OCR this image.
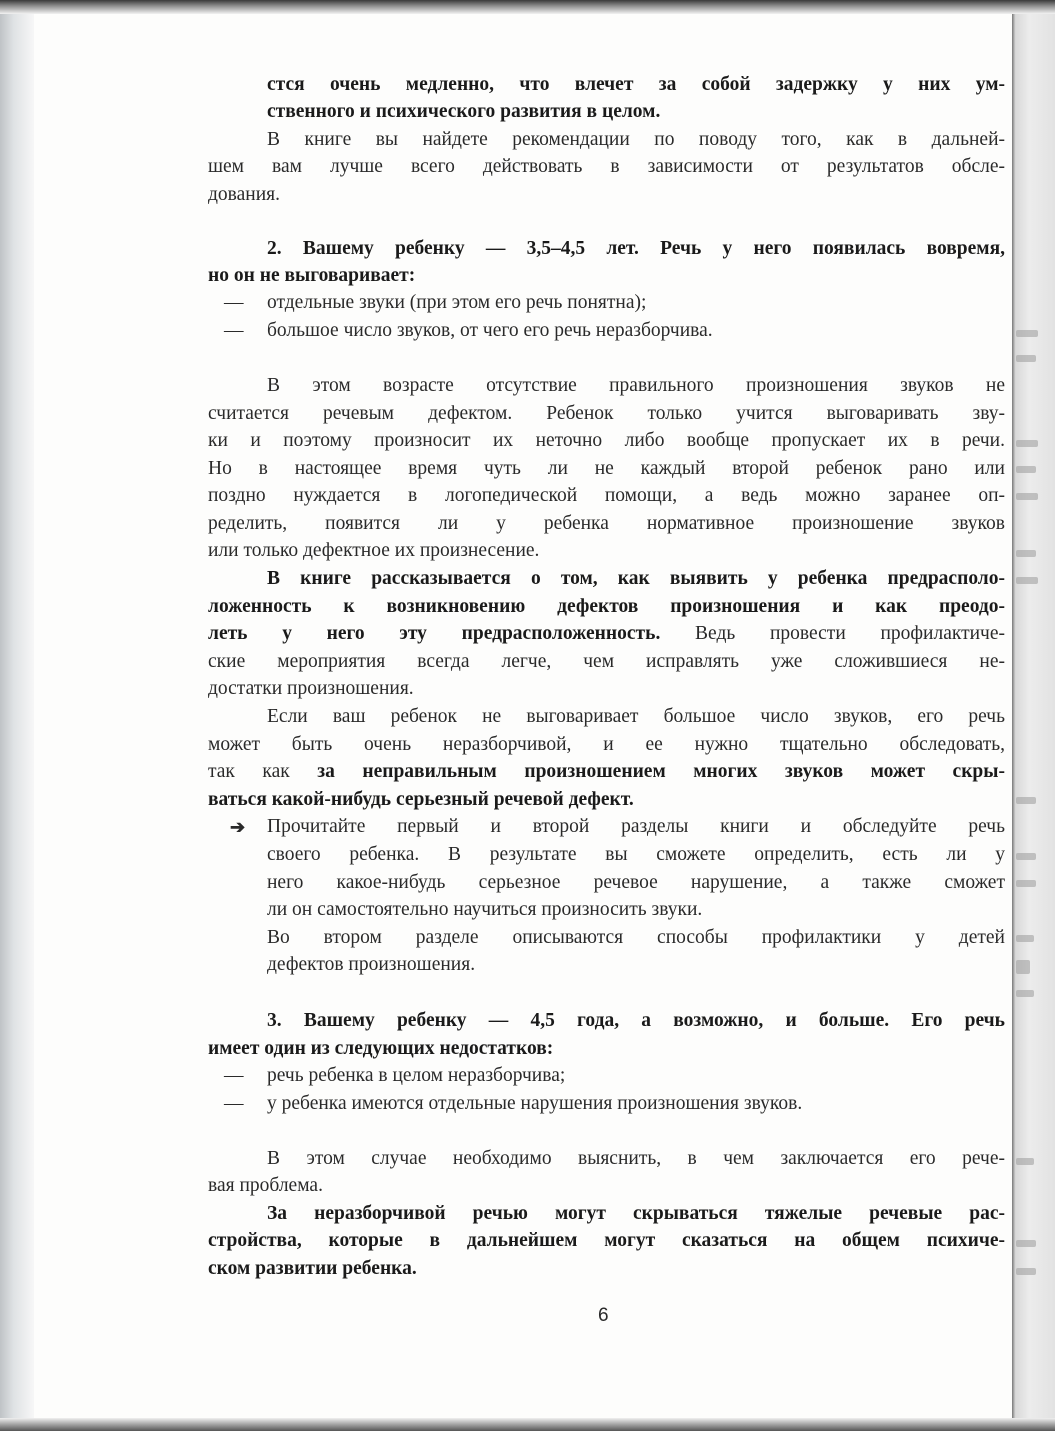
стся очень медленно, что влечет за собой задержку у них ум-
ственного и психического развития в целом.
В книге вы найдете рекомендации по поводу того, как в дальней-
шем вам лучше всего действовать в зависимости от результатов обсле-
дования.
2. Вашему ребенку — 3,5–4,5 лет. Речь у него появилась вовремя,
но он не выговаривает:
— отдельные звуки (при этом его речь понятна);
— большое число звуков, от чего его речь неразборчива.
В этом возрасте отсутствие правильного произношения звуков не
считается речевым дефектом. Ребенок только учится выговаривать зву-
ки и поэтому произносит их неточно либо вообще пропускает их в речи.
Но в настоящее время чуть ли не каждый второй ребенок рано или
поздно нуждается в логопедической помощи, а ведь можно заранее оп-
ределить, появится ли у ребенка нормативное произношение звуков
или только дефектное их произнесение.
В книге рассказывается о том, как выявить у ребенка предрасполо-
ложенность к возникновению дефектов произношения и как преодо-
леть у него эту предрасположенность. Ведь провести профилактиче-
ские мероприятия всегда легче, чем исправлять уже сложившиеся не-
достатки произношения.
Если ваш ребенок не выговаривает большое число звуков, его речь
может быть очень неразборчивой, и ее нужно тщательно обследовать,
так как за неправильным произношением многих звуков может скры-
ваться какой-нибудь серьезный речевой дефект.
➔ Прочитайте первый и второй разделы книги и обследуйте речь
своего ребенка. В результате вы сможете определить, есть ли у
него какое-нибудь серьезное речевое нарушение, а также сможет
ли он самостоятельно научиться произносить звуки.
Во втором разделе описываются способы профилактики у детей
дефектов произношения.
3. Вашему ребенку — 4,5 года, а возможно, и больше. Его речь
имеет один из следующих недостатков:
— речь ребенка в целом неразборчива;
— у ребенка имеются отдельные нарушения произношения звуков.
В этом случае необходимо выяснить, в чем заключается его рече-
вая проблема.
За неразборчивой речью могут скрываться тяжелые речевые рас-
стройства, которые в дальнейшем могут сказаться на общем психиче-
ском развитии ребенка.
6
